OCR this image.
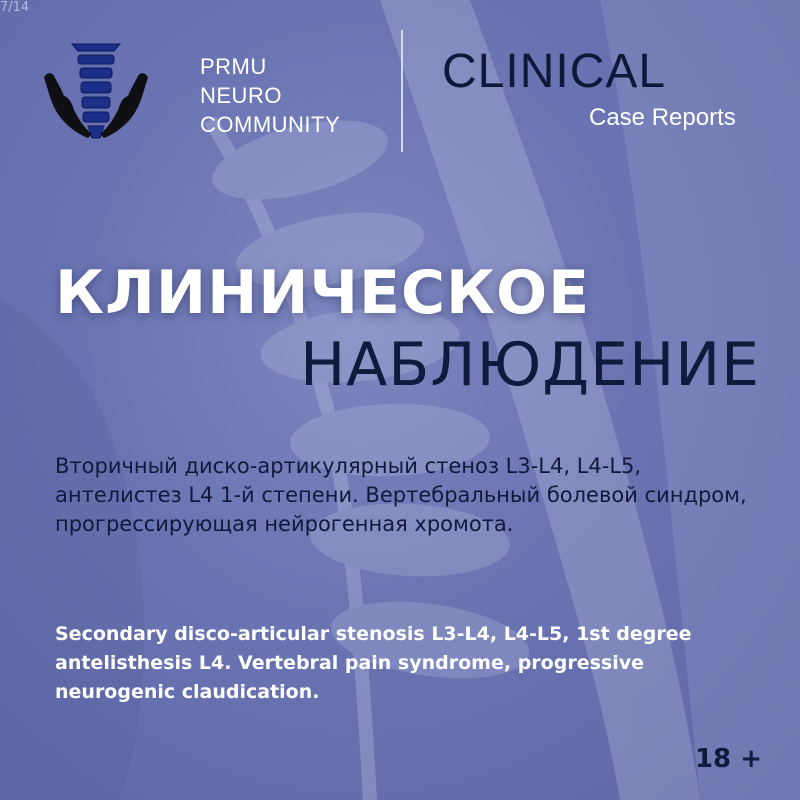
7/14
PRMU
NEURO
COMMUNITY
CLINICAL
Case Reports
КЛИНИЧЕСКОЕ
НАБЛЮДЕНИЕ
Вторичный диско-артикулярный стеноз L3-L4, L4-L5, антелистез L4 1-й степени. Вертебральный болевой синдром, прогрессирующая нейрогенная хромота.
Secondary disco-articular stenosis L3-L4, L4-L5, 1st degree antelisthesis L4. Vertebral pain syndrome, progressive neurogenic claudication.
18 +
